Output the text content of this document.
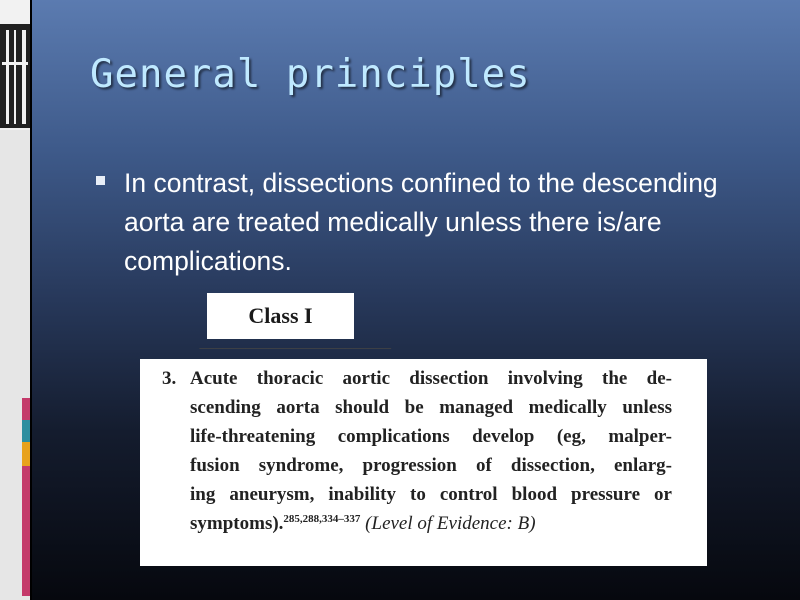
General principles
In contrast, dissections confined to the descending aorta are treated medically unless there is/are complications.
Class I
‾‾‾‾‾‾‾‾‾‾‾‾‾‾‾‾‾‾‾‾‾‾‾‾‾
3. Acute thoracic aortic dissection involving the de-
scending aorta should be managed medically unless
life-threatening complications develop (eg, malper-
fusion syndrome, progression of dissection, enlarg-
ing aneurysm, inability to control blood pressure or
symptoms).$^{285,288,334-337}$ (Level of Evidence: B)
